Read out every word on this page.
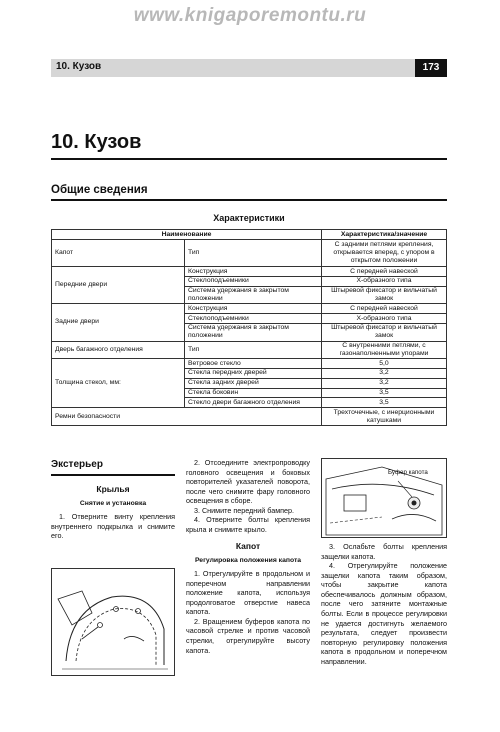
www.knigaporemontu.ru
10. Кузов	173
10. Кузов
Общие сведения
Характеристики
Наименование		Характеристика/значение
Капот	Тип	С задними петлями крепления, открывается вперед, с упором в открытом положении
Передние двери	Конструкция	С передней навеской
	Стеклоподъемники	Х-образного типа
	Система удержания в закрытом положении	Штыревой фиксатор и вильчатый замок
Задние двери	Конструкция	С передней навеской
	Стеклоподъемники	Х-образного типа
	Система удержания в закрытом положении	Штыревой фиксатор и вильчатый замок
Дверь багажного отделения	Тип	С внутренними петлями, с газонаполненными упорами
Толщина стекол, мм:	Ветровое стекло	5,0
	Стекла передних дверей	3,2
	Стекла задних дверей	3,2
	Стекла боковин	3,5
	Стекло двери багажного отделения	3,5
Ремни безопасности		Трехточечные, с инерционными катушками
Экстерьер
Крылья
Снятие и установка

1. Отверните винту крепления внутреннего подкрылка и снимите его.

2. Отсоедините электропроводку головного освещения и боковых повторителей указателей поворота, после чего снимите фару головного освещения в сборе.

3. Снимите передний бампер.

4. Отверните болты крепления крыла и снимите крыло.

Капот
Регулировка положения капота

1. Отрегулируйте в продольном и поперечном направлении положение капота, используя продолговатое отверстие навеса капота.

2. Вращением буферов капота по часовой стрелке и против часовой стрелки, отрегулируйте высоту капота.

Буфер капота

3. Ослабьте болты крепления защелки капота.

4. Отрегулируйте положение защелки капота таким образом, чтобы закрытие капота обеспечивалось должным образом, после чего затяните монтажные болты. Если в процессе регулировки не удается достигнуть желаемого результата, следует произвести повторную регулировку положения капота в продольном и поперечном направлении.
